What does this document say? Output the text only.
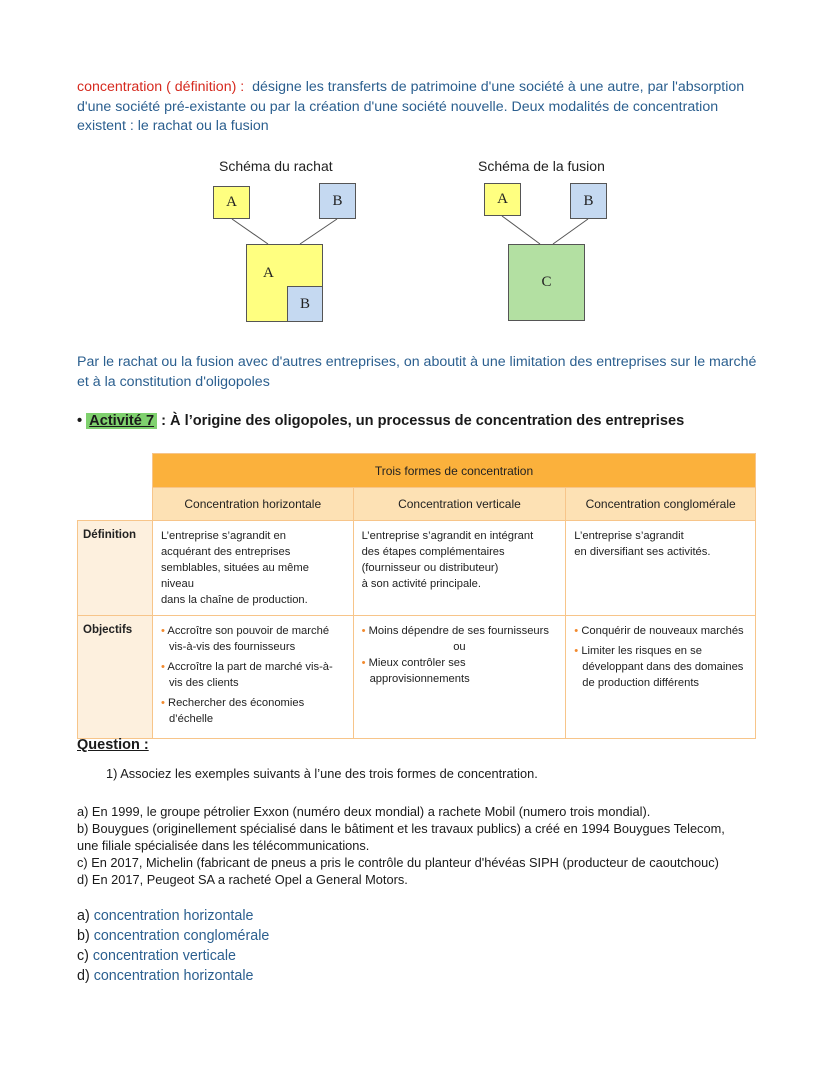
concentration ( définition) : désigne les transferts de patrimoine d'une société à une autre, par l'absorption d'une société pré-existante ou par la création d'une société nouvelle. Deux modalités de concentration existent : le rachat ou la fusion
Schéma du rachat
A	B
A
B
Schéma de la fusion
A	B
C
Par le rachat ou la fusion avec d'autres entreprises, on aboutit à une limitation des entreprises sur le marché et à la constitution d'oligopoles
• Activité 7 : À l’origine des oligopoles, un processus de concentration des entreprises
	Trois formes de concentration		
	Concentration horizontale	Concentration verticale	Concentration conglomérale
Définition	L’entreprise s’agrandit en
acquérant des entreprises
semblables, situées au même niveau
dans la chaîne de production.	L’entreprise s’agrandit en intégrant
des étapes complémentaires
(fournisseur ou distributeur)
à son activité principale.	L’entreprise s’agrandit
en diversifiant ses activités.
Objectifs	• Accroître son pouvoir de marché vis-à-vis des fournisseurs
• Accroître la part de marché vis-à-vis des clients
• Rechercher des économies d’échelle	• Moins dépendre de ses fournisseurs
ou
• Mieux contrôler ses approvisionnements	• Conquérir de nouveaux marchés
• Limiter les risques en se développant dans des domaines de production différents
Question :
1) Associez les exemples suivants à l’une des trois formes de concentration.
a) En 1999, le groupe pétrolier Exxon (numéro deux mondial) a rachete Mobil (numero trois mondial).
b) Bouygues (originellement spécialisé dans le bâtiment et les travaux publics) a créé en 1994 Bouygues Telecom, une filiale spécialisée dans les télécommunications.
c) En 2017, Michelin (fabricant de pneus a pris le contrôle du planteur d'hévéas SIPH (producteur de caoutchouc)
d) En 2017, Peugeot SA a racheté Opel a General Motors.
a) concentration horizontale
b) concentration conglomérale
c) concentration verticale
d) concentration horizontale
